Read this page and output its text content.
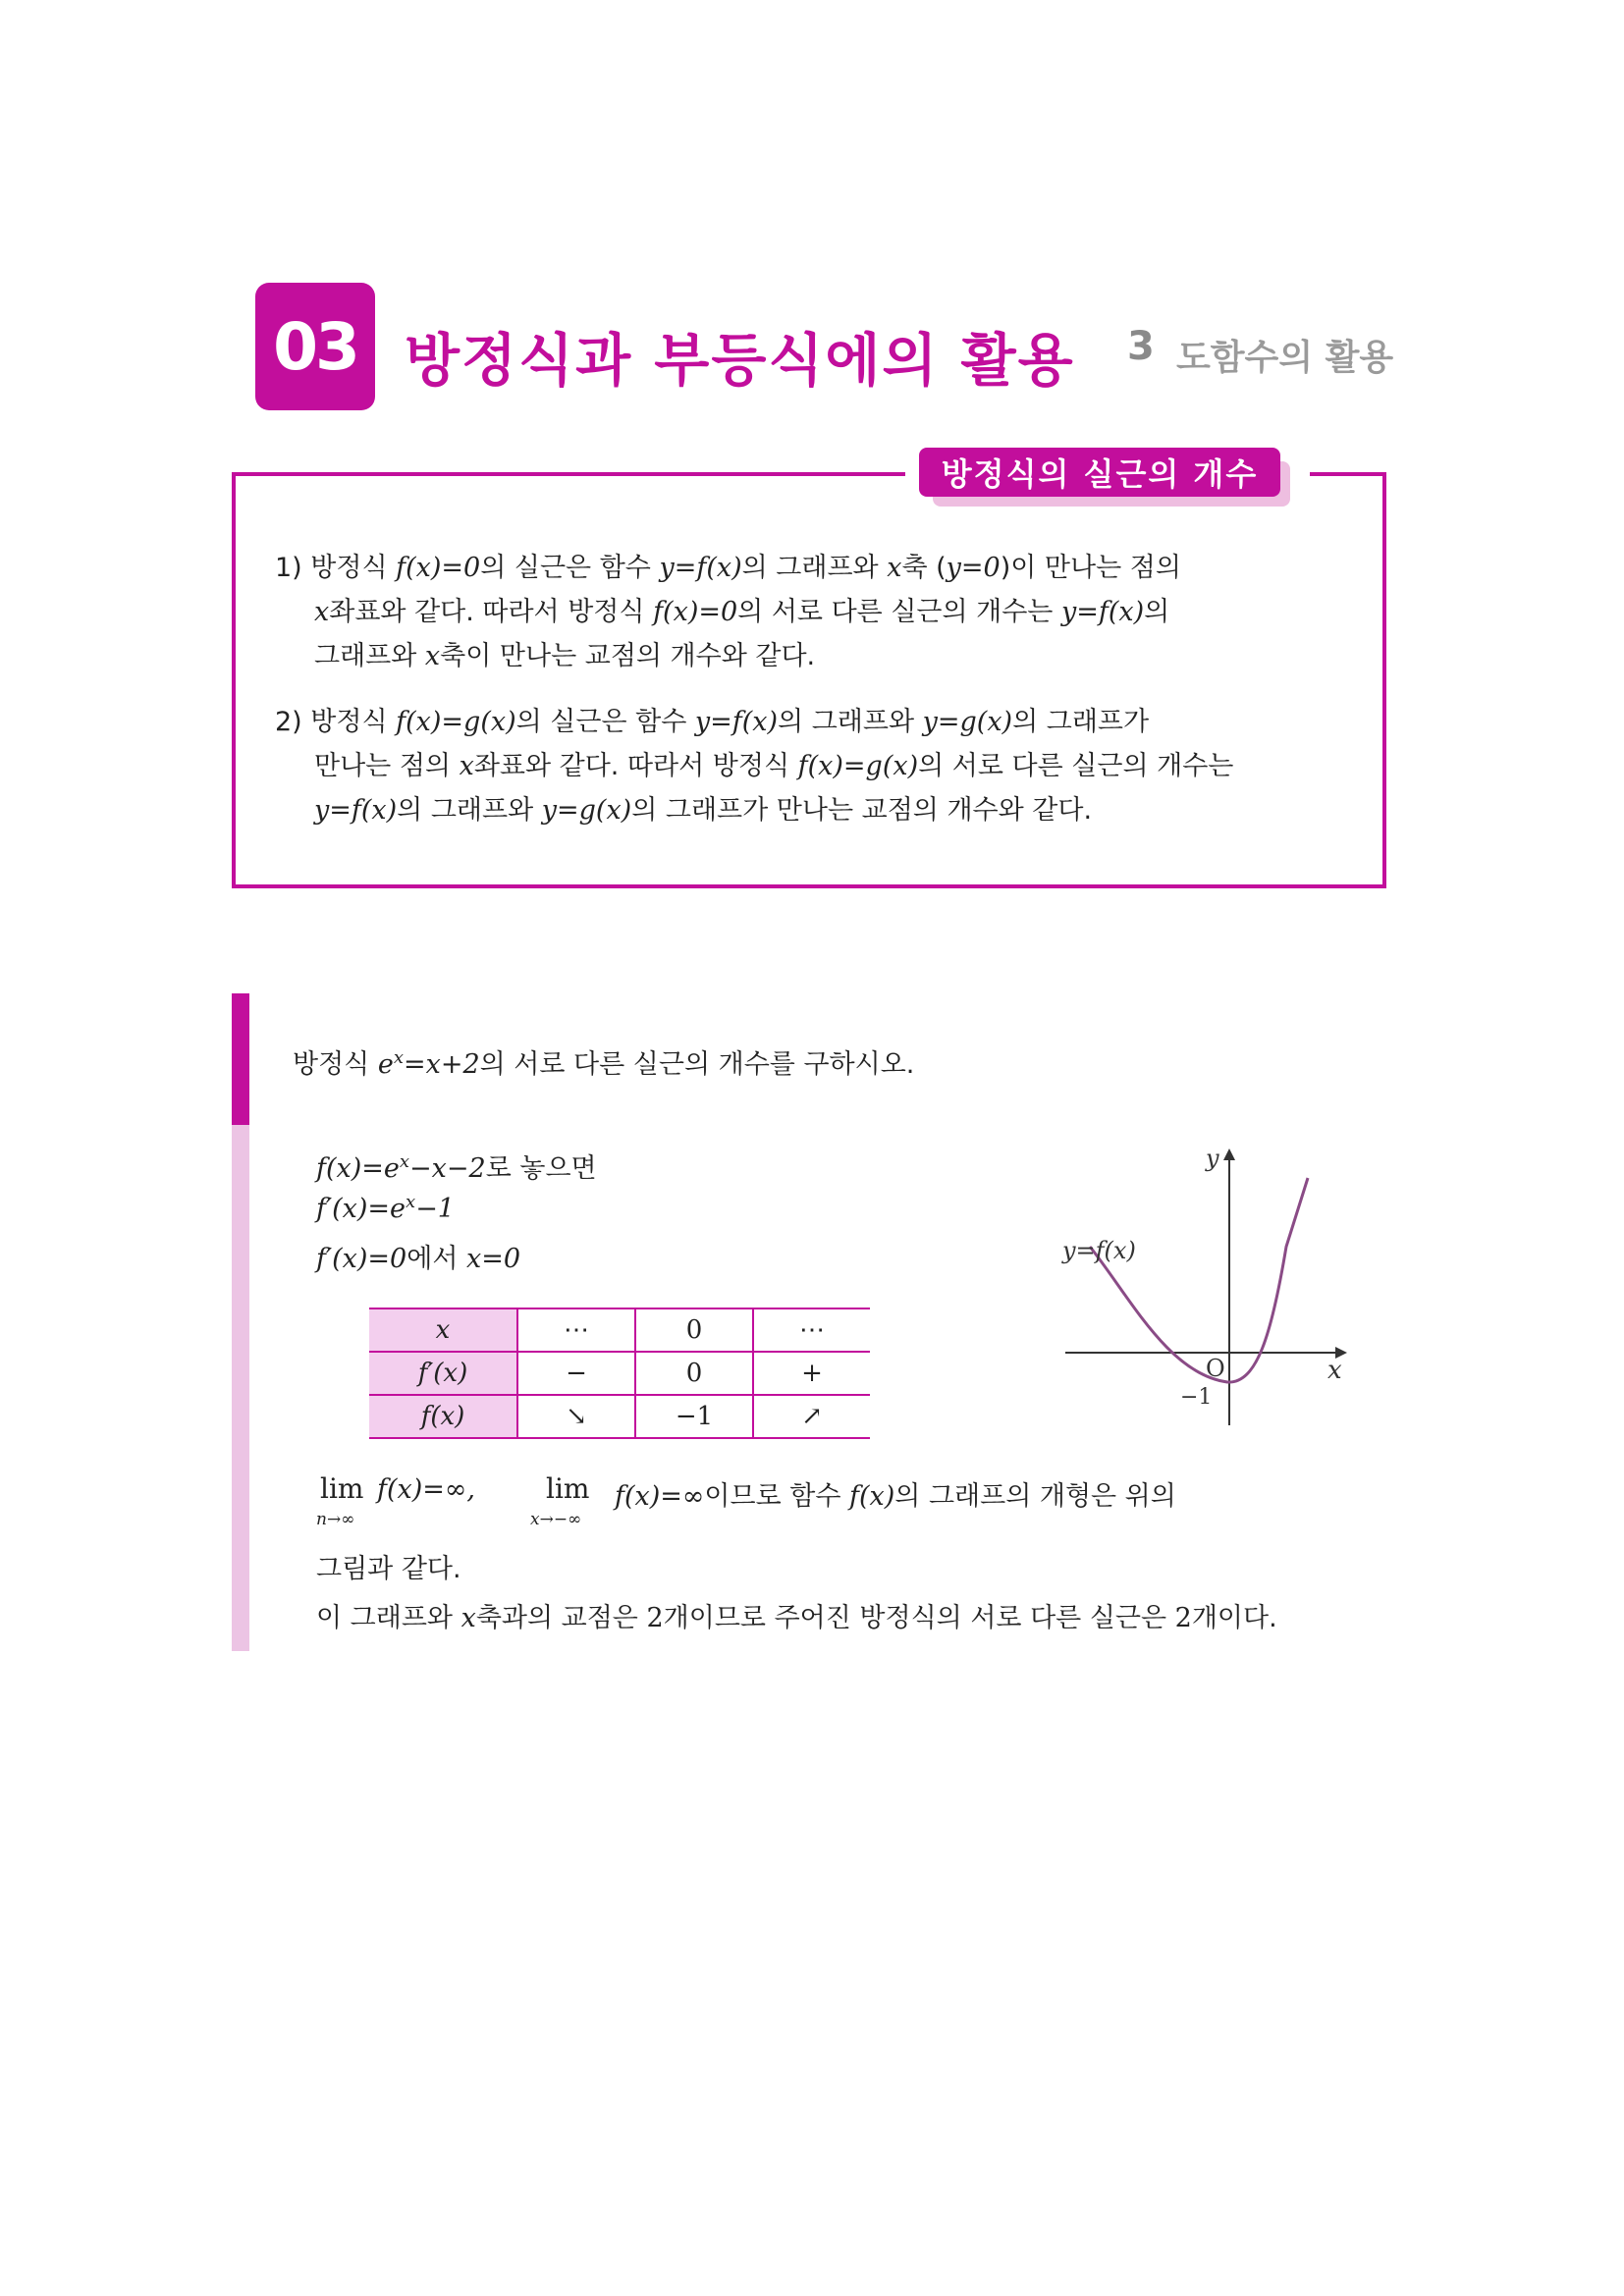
03 방정식과 부등식에의 활용 3 도함수의 활용
방정식의 실근의 개수
1) 방정식 f(x)=0의 실근은 함수 y=f(x)의 그래프와 x축 (y=0)이 만나는 점의
x좌표와 같다. 따라서 방정식 f(x)=0의 서로 다른 실근의 개수는 y=f(x)의
그래프와 x축이 만나는 교점의 개수와 같다.
2) 방정식 f(x)=g(x)의 실근은 함수 y=f(x)의 그래프와 y=g(x)의 그래프가
만나는 점의 x좌표와 같다. 따라서 방정식 f(x)=g(x)의 서로 다른 실근의 개수는
y=f(x)의 그래프와 y=g(x)의 그래프가 만나는 교점의 개수와 같다.
방정식 $e^x=x+2$의 서로 다른 실근의 개수를 구하시오.
$f(x)=e^x-x-2$로 놓으면
$f'(x)=e^x-1$
f′(x)=0에서 x=0
x	⋯	0	⋯
f′(x)	−	0	+
f(x)	↘	−1	↗
y
x
O
−1
y=f(x)
lim
n→∞
f(x)=∞,	lim
x→−∞
f(x)=∞이므로 함수 f(x)의 그래프의 개형은 위의
그림과 같다.
이 그래프와 x축과의 교점은 2개이므로 주어진 방정식의 서로 다른 실근은 2개이다.
